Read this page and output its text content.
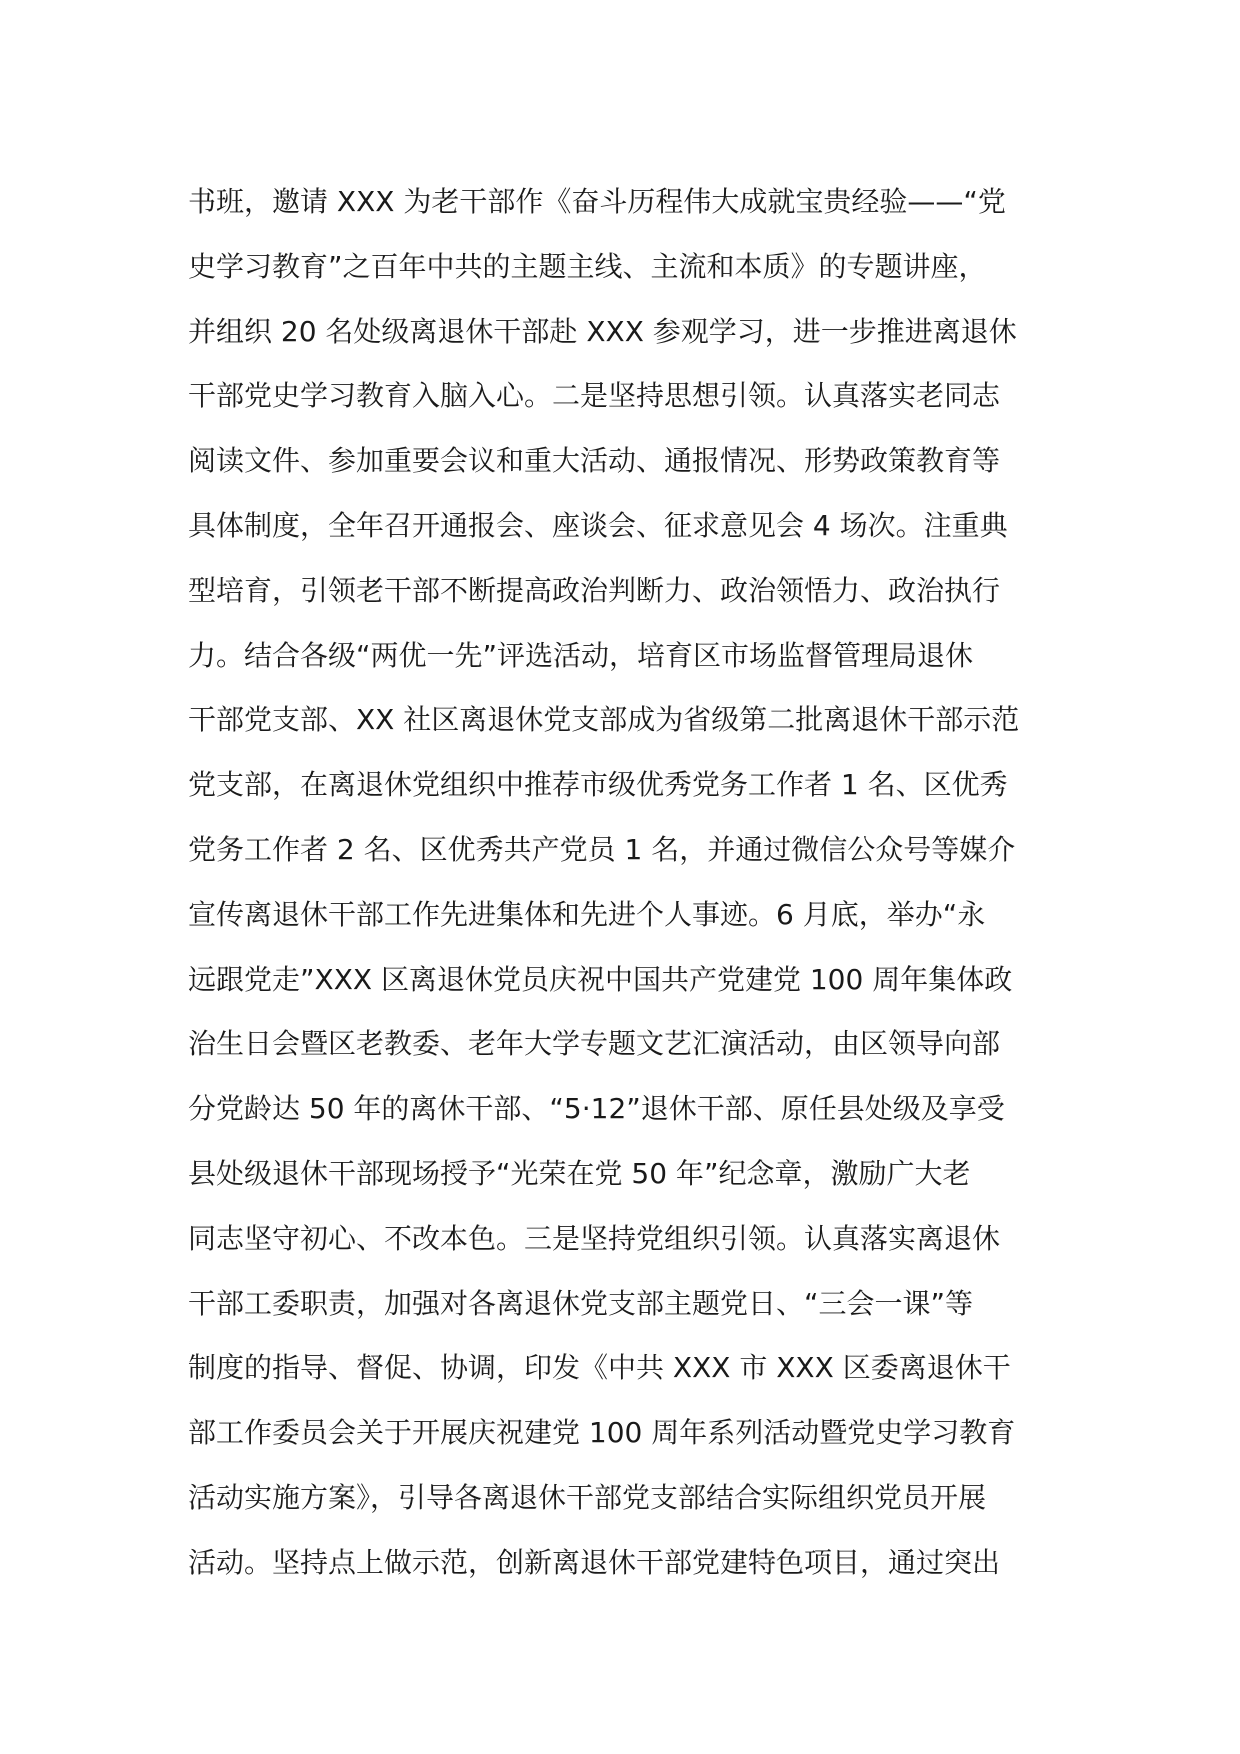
书班，邀请 XXX 为老干部作《奋斗历程伟大成就宝贵经验——“党
史学习教育”之百年中共的主题主线、主流和本质》的专题讲座，
并组织 20 名处级离退休干部赴 XXX 参观学习，进一步推进离退休
干部党史学习教育入脑入心。二是坚持思想引领。认真落实老同志
阅读文件、参加重要会议和重大活动、通报情况、形势政策教育等
具体制度，全年召开通报会、座谈会、征求意见会 4 场次。注重典
型培育，引领老干部不断提高政治判断力、政治领悟力、政治执行
力。结合各级“两优一先”评选活动，培育区市场监督管理局退休
干部党支部、XX 社区离退休党支部成为省级第二批离退休干部示范
党支部，在离退休党组织中推荐市级优秀党务工作者 1 名、区优秀
党务工作者 2 名、区优秀共产党员 1 名，并通过微信公众号等媒介
宣传离退休干部工作先进集体和先进个人事迹。6 月底，举办“永
远跟党走”XXX 区离退休党员庆祝中国共产党建党 100 周年集体政
治生日会暨区老教委、老年大学专题文艺汇演活动，由区领导向部
分党龄达 50 年的离休干部、“5·12”退休干部、原任县处级及享受
县处级退休干部现场授予“光荣在党 50 年”纪念章，激励广大老
同志坚守初心、不改本色。三是坚持党组织引领。认真落实离退休
干部工委职责，加强对各离退休党支部主题党日、“三会一课”等
制度的指导、督促、协调，印发《中共 XXX 市 XXX 区委离退休干
部工作委员会关于开展庆祝建党 100 周年系列活动暨党史学习教育
活动实施方案》，引导各离退休干部党支部结合实际组织党员开展
活动。坚持点上做示范，创新离退休干部党建特色项目，通过突出
